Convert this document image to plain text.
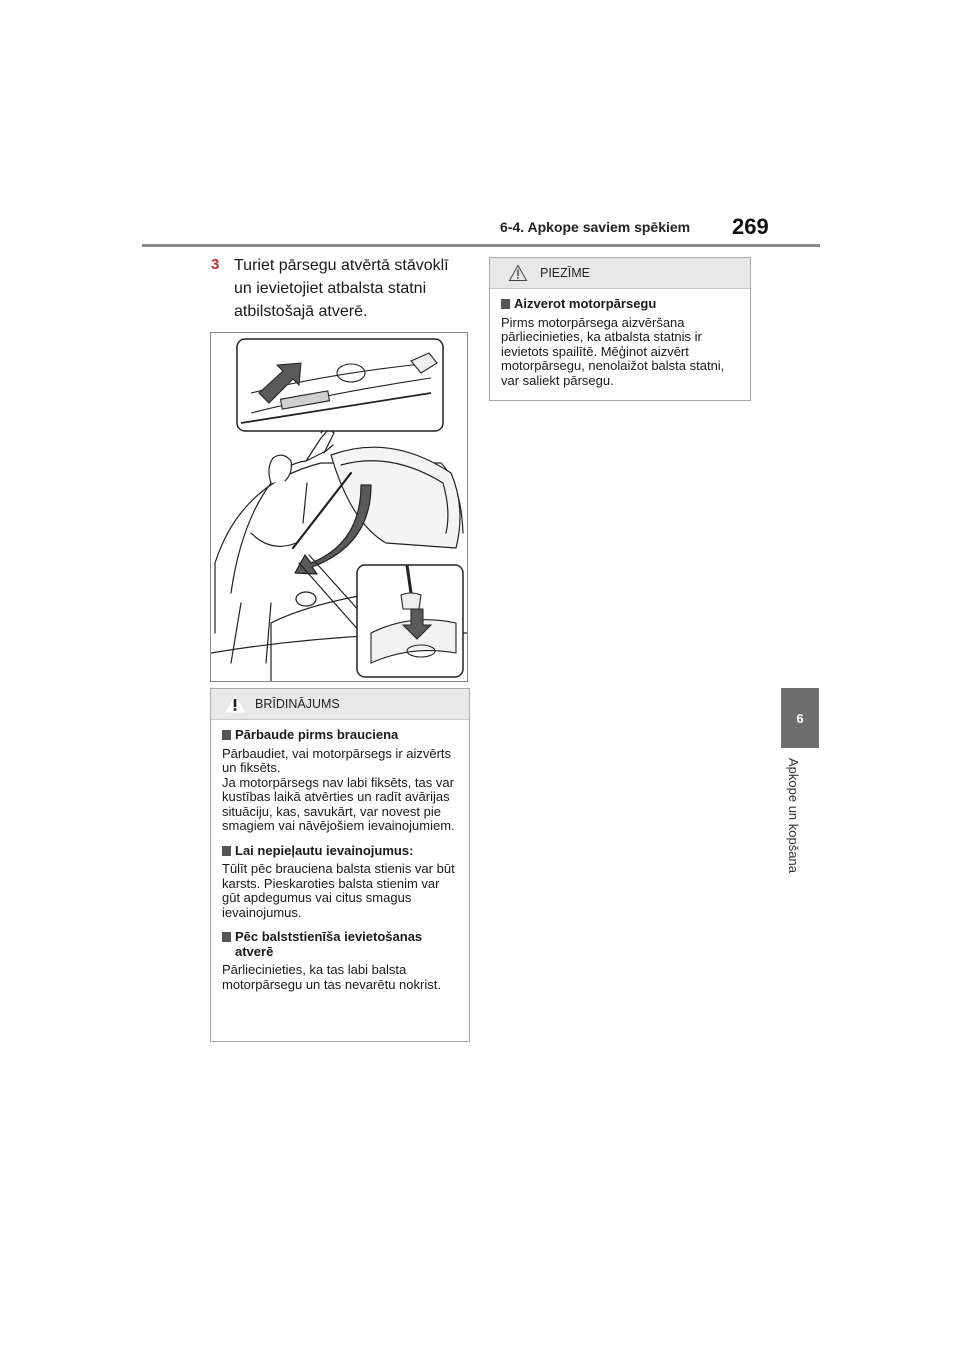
6-4. Apkope saviem spēkiem 269
6
Apkope un kopšana
3 Turiet pārsegu atvērtā stāvoklī un ievietojiet atbalsta statni atbilstošajā atverē.
BRĪDINĀJUMS
Pārbaude pirms brauciena
Pārbaudiet, vai motorpārsegs ir aizvērts un fiksēts.
Ja motorpārsegs nav labi fiksēts, tas var kustības laikā atvērties un radīt avārijas situāciju, kas, savukārt, var novest pie smagiem vai nāvējošiem ievainojumiem.
Lai nepieļautu ievainojumus:
Tūlīt pēc brauciena balsta stienis var būt karsts. Pieskaroties balsta stienim var gūt apdegumus vai citus smagus ievainojumus.
Pēc balststienīša ievietošanas atverē
Pārliecinieties, ka tas labi balsta motorpārsegu un tas nevarētu nokrist.
PIEZĪME
Aizverot motorpārsegu
Pirms motorpārsega aizvēršana pārliecinieties, ka atbalsta statnis ir ievietots spailītē. Mēģinot aizvērt motorpārsegu, nenolaižot balsta statni, var saliekt pārsegu.
